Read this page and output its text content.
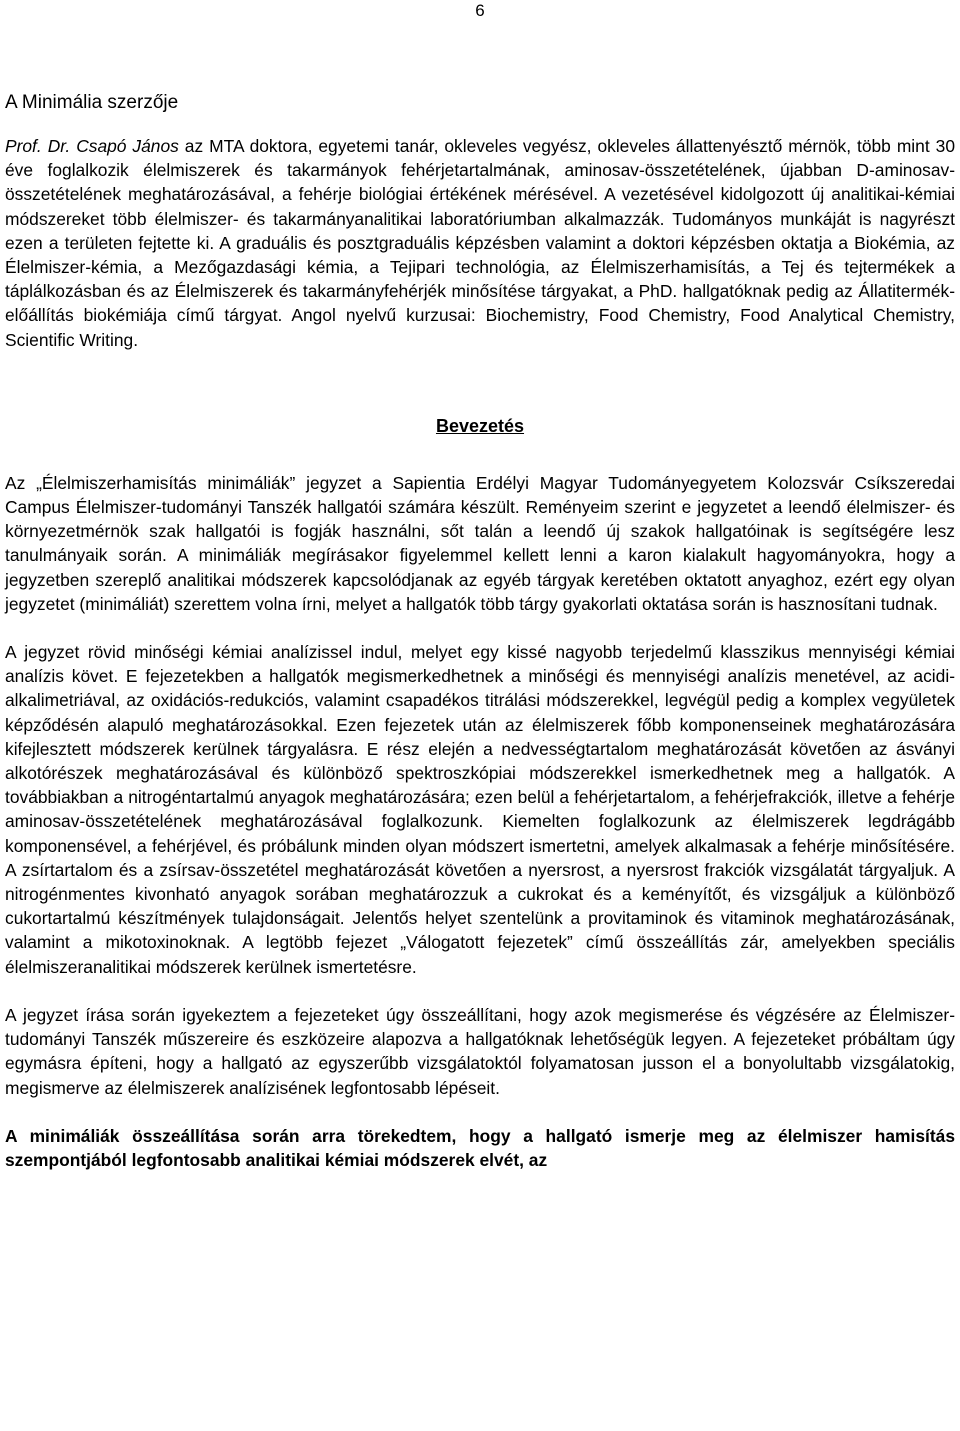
6
A Minimália szerzője

Prof. Dr. Csapó János az MTA doktora, egyetemi tanár, okleveles vegyész, okleveles állattenyésztő mérnök, több mint 30 éve foglalkozik élelmiszerek és takarmányok fehérjetartalmának, aminosav-összetételének, újabban D-aminosav-összetételének meghatározásával, a fehérje biológiai értékének mérésével. A vezetésével kidolgozott új analitikai-kémiai módszereket több élelmiszer- és takarmányanalitikai laboratóriumban alkalmazzák. Tudományos munkáját is nagyrészt ezen a területen fejtette ki. A graduális és posztgraduális képzésben valamint a doktori képzésben oktatja a Biokémia, az Élelmiszer-kémia, a Mezőgazdasági kémia, a Tejipari technológia, az Élelmiszerhamisítás, a Tej és tejtermékek a táplálkozásban és az Élelmiszerek és takarmányfehérjék minősítése tárgyakat, a PhD. hallgatóknak pedig az Állatitermék-előállítás biokémiája című tárgyat. Angol nyelvű kurzusai: Biochemistry, Food Chemistry, Food Analytical Chemistry, Scientific Writing.

Bevezetés

Az „Élelmiszerhamisítás minimáliák” jegyzet a Sapientia Erdélyi Magyar Tudományegyetem Kolozsvár Csíkszeredai Campus Élelmiszer-tudományi Tanszék hallgatói számára készült. Reményeim szerint e jegyzetet a leendő élelmiszer- és környezetmérnök szak hallgatói is fogják használni, sőt talán a leendő új szakok hallgatóinak is segítségére lesz tanulmányaik során. A minimáliák megírásakor figyelemmel kellett lenni a karon kialakult hagyományokra, hogy a jegyzetben szereplő analitikai módszerek kapcsolódjanak az egyéb tárgyak keretében oktatott anyaghoz, ezért egy olyan jegyzetet (minimáliát) szerettem volna írni, melyet a hallgatók több tárgy gyakorlati oktatása során is hasznosítani tudnak.

A jegyzet rövid minőségi kémiai analízissel indul, melyet egy kissé nagyobb terjedelmű klasszikus mennyiségi kémiai analízis követ. E fejezetekben a hallgatók megismerkedhetnek a minőségi és mennyiségi analízis menetével, az acidi-alkalimetriával, az oxidációs-redukciós, valamint csapadékos titrálási módszerekkel, legvégül pedig a komplex vegyületek képződésén alapuló meghatározásokkal. Ezen fejezetek után az élelmiszerek főbb komponenseinek meghatározására kifejlesztett módszerek kerülnek tárgyalásra. E rész elején a nedvességtartalom meghatározását követően az ásványi alkotórészek meghatározásával és különböző spektroszkópiai módszerekkel ismerkedhetnek meg a hallgatók. A továbbiakban a nitrogéntartalmú anyagok meghatározására; ezen belül a fehérjetartalom, a fehérjefrakciók, illetve a fehérje aminosav-összetételének meghatározásával foglalkozunk. Kiemelten foglalkozunk az élelmiszerek legdrágább komponensével, a fehérjével, és próbálunk minden olyan módszert ismertetni, amelyek alkalmasak a fehérje minősítésére. A zsírtartalom és a zsírsav-összetétel meghatározását követően a nyersrost, a nyersrost frakciók vizsgálatát tárgyaljuk. A nitrogénmentes kivonható anyagok sorában meghatározzuk a cukrokat és a keményítőt, és vizsgáljuk a különböző cukortartalmú készítmények tulajdonságait. Jelentős helyet szentelünk a provitaminok és vitaminok meghatározásának, valamint a mikotoxinoknak. A legtöbb fejezet „Válogatott fejezetek” című összeállítás zár, amelyekben speciális élelmiszeranalitikai módszerek kerülnek ismertetésre.

A jegyzet írása során igyekeztem a fejezeteket úgy összeállítani, hogy azok megismerése és végzésére az Élelmiszer-tudományi Tanszék műszereire és eszközeire alapozva a hallgatóknak lehetőségük legyen. A fejezeteket próbáltam úgy egymásra építeni, hogy a hallgató az egyszerűbb vizsgálatoktól folyamatosan jusson el a bonyolultabb vizsgálatokig, megismerve az élelmiszerek analízisének legfontosabb lépéseit.

A minimáliák összeállítása során arra törekedtem, hogy a hallgató ismerje meg az élelmiszer hamisítás szempontjából legfontosabb analitikai kémiai módszerek elvét, az
